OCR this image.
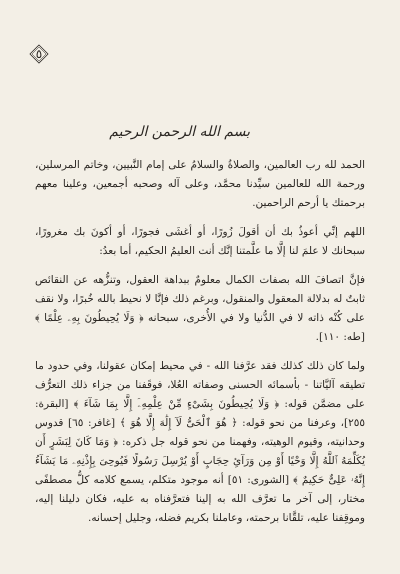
٥
بسم الله الرحمن الرحيم

الحمد لله رب العالمين، والصلاةُ والسلامُ على إمام النَّبيين، وخاتم المرسلين، ورحمة الله للعالمين سيِّدنا محمَّد، وعلى آله وصحبه أجمعين، وعلينا معهم برحمتك يا أرحم الراحمين.

اللهم إنِّي أعوذُ بك أن أقولَ زُورًا، أو أغشَى فجورًا، أو أكونَ بك مغرورًا، سبحانك لا علمَ لنا إلَّا ما علَّمتنا إنَّك أنت العليمُ الحكيم، أما بعدُ:

فإنَّ اتصافَ الله بصفات الكمال معلومٌ ببداهة العقول، وتنزُّهه عن النقائص ثابتٌ له بدلالة المعقول والمنقول، وبرغم ذلك فإنَّا لا نحيط بالله خُبرًا، ولا نقف على كُنْه ذاته لا في الدُّنيا ولا في الأُخرى، سبحانه ﴿ وَلَا يُحِيطُونَ بِهِۦ عِلْمًا ﴾ [طه: ١١٠].

ولما كان ذلك كذلك فقد عرَّفنا الله - في محيط إمكان عقولنا، وفي حدود ما تطيقه آليَّاتنا - بأسمائه الحسنى وصفاته العُلا، فوقَفنا من جزاء ذلك التعرُّف على مضمَّن قوله: ﴿ وَلَا يُحِيطُونَ بِشَىْءٍ مِّنْ عِلْمِهِۦٓ إِلَّا بِمَا شَآءَ ﴾ [البقرة: ٢٥٥]، وعرفنا من نحو قوله: ﴿ هُوَ ٱلْحَىُّ لَآ إِلَٰهَ إِلَّا هُوَ ﴾ [غافر: ٦٥] قدوس وحدانيته، وقيوم الوهيته، وفهمنا من نحو قوله جل ذكره: ﴿ وَمَا كَانَ لِبَشَرٍ أَن يُكَلِّمَهُ ٱللَّهُ إِلَّا وَحْيًا أَوْ مِن وَرَآئِ حِجَابٍ أَوْ يُرْسِلَ رَسُولًا فَيُوحِىَ بِإِذْنِهِۦ مَا يَشَآءُ إِنَّهُۥ عَلِىٌّ حَكِيمٌ ﴾ [الشورى: ٥١] أنه موجود متكلم، يسمع كلامه كلُّ مصطفًى مختار، إلى آخر ما تعرَّف الله به إلينا فتعرَّفناه به عليه، فكان دليلنا إليه، وموقِفنا عليه، تلقَّانا برحمته، وعاملنا بكريم فضله، وجليل إحسانه.
